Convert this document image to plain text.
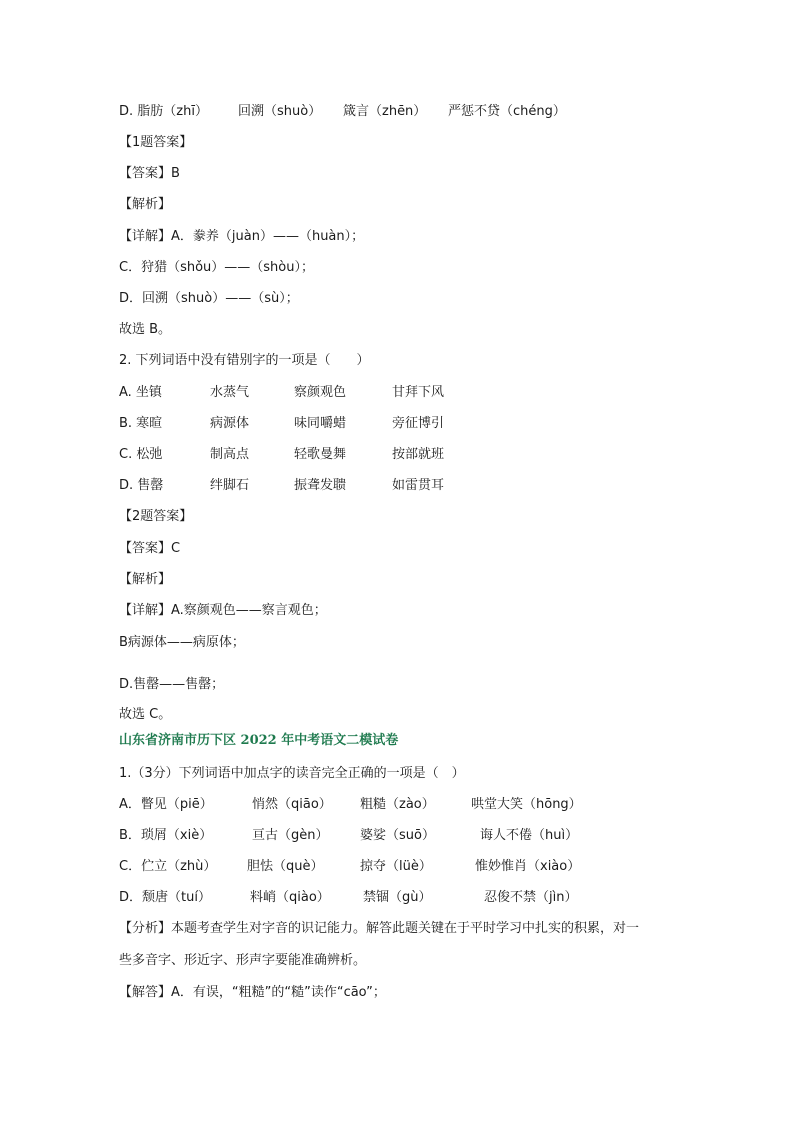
D. 脂肪（zhī） 回溯（shuò） 箴言（zhēn） 严惩不贷（chéng）
【1题答案】
【答案】B
【解析】
【详解】A．豢养（juàn）——（huàn）；
C．狩猎（shǒu）——（shòu）；
D．回溯（shuò）——（sù）；
故选 B。
2. 下列词语中没有错别字的一项是（　　）
A. 坐镇	水蒸气	察颜观色	甘拜下风
B. 寒暄	病源体	味同嚼蜡	旁征博引
C. 松弛	制高点	轻歌曼舞	按部就班
D. 售罄	绊脚石	振聋发聩	如雷贯耳
【2题答案】
【答案】C
【解析】
【详解】A.察颜观色——察言观色；
B病源体——病原体；
D.售罄——售罄；
故选 C。
山东省济南市历下区 2022 年中考语文二模试卷
1.（3分）下列词语中加点字的读音完全正确的一项是（　）
A．瞥见（piē）	悄然（qiāo） 粗糙（zào）	哄堂大笑（hōng）
B．琐屑（xiè）	亘古（gèn） 婆娑（suō）	诲人不倦（huì）
C．伫立（zhù） 胆怯（què）	掠夺（lüè）	惟妙惟肖（xiào）
D．颓唐（tuí）	料峭（qiào）	禁锢（gù）	忍俊不禁（jìn）
【分析】本题考查学生对字音的识记能力。解答此题关键在于平时学习中扎实的积累，对一
些多音字、形近字、形声字要能准确辨析。
【解答】A．有误，“粗糙”的“糙”读作“cāo”；
